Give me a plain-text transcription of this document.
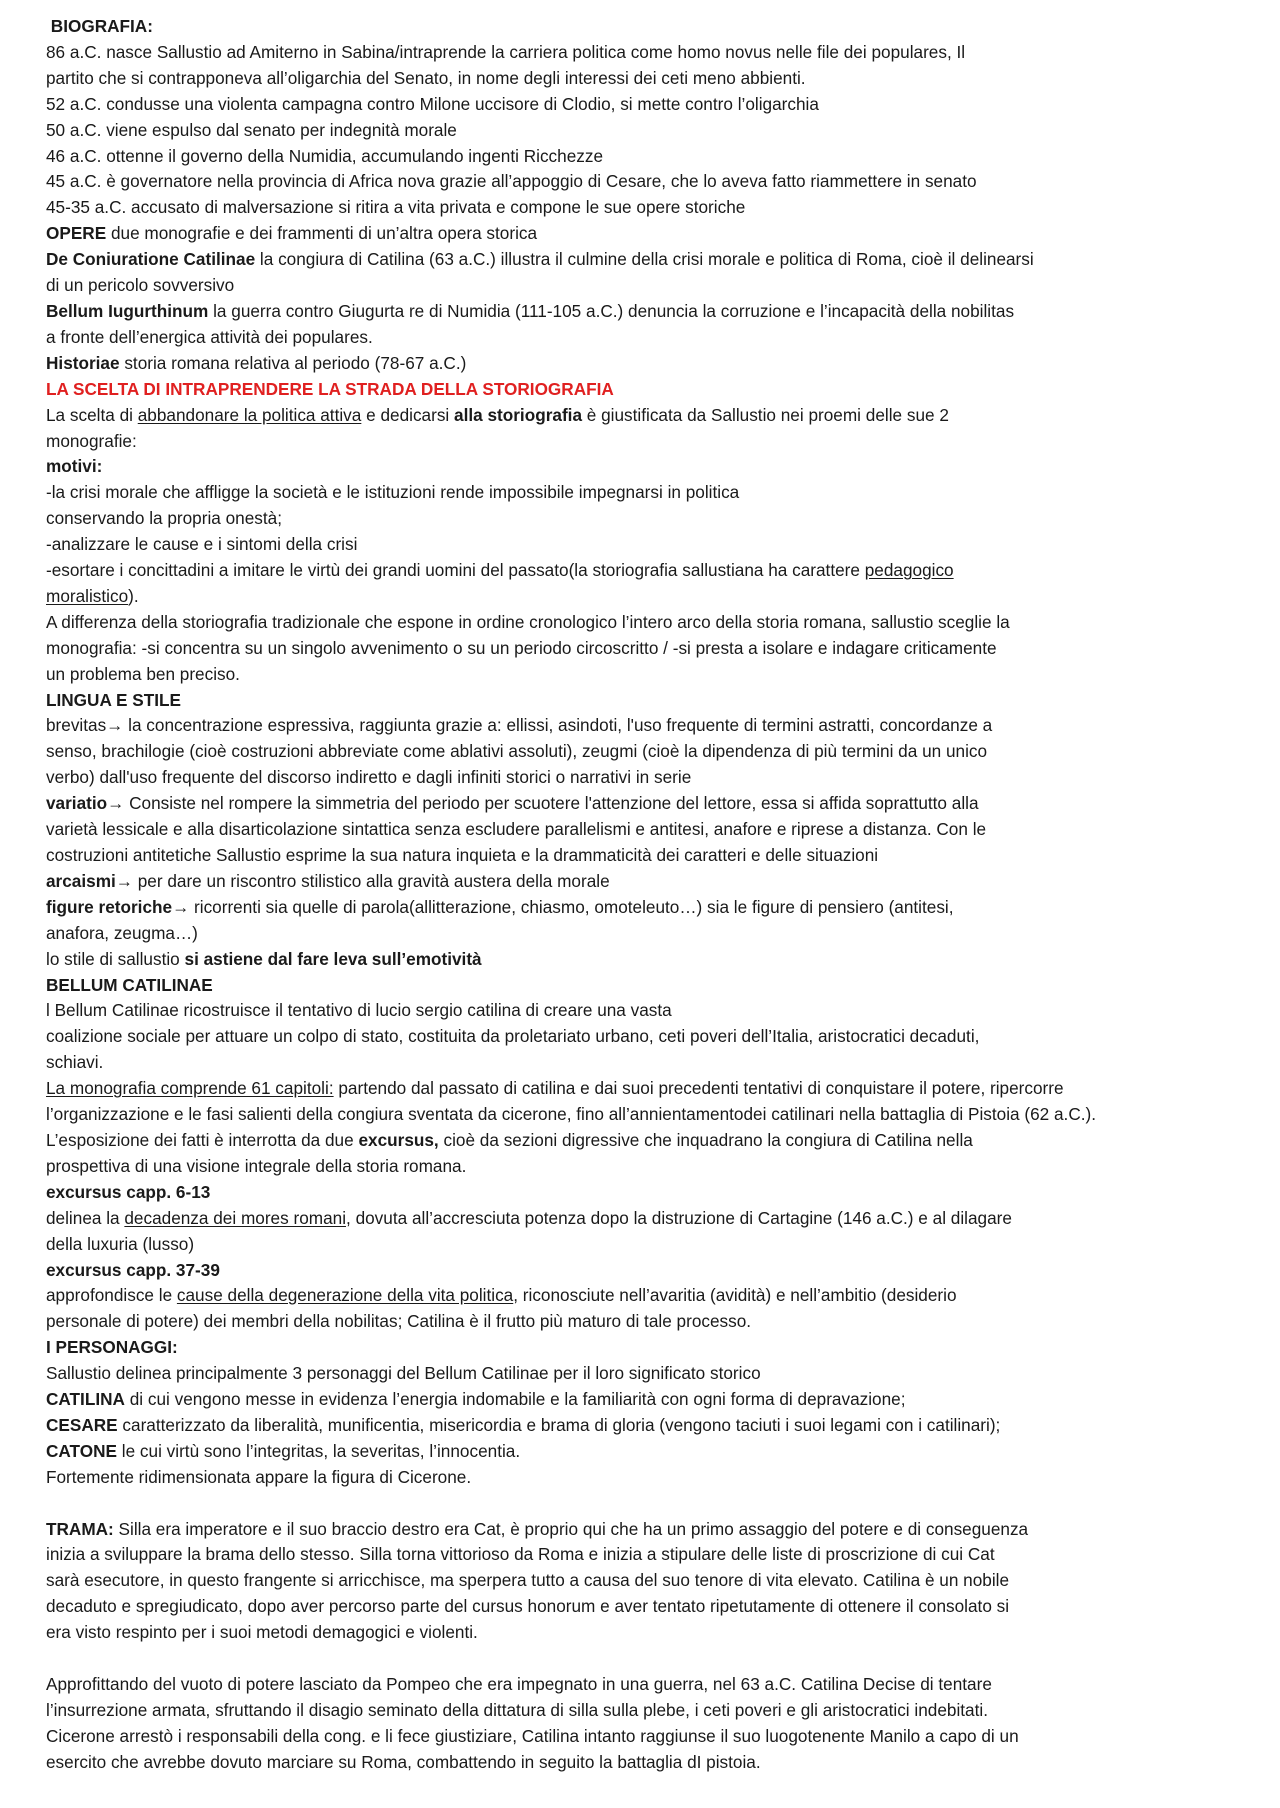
BIOGRAFIA:
86 a.C. nasce Sallustio ad Amiterno in Sabina/intraprende la carriera politica come homo novus nelle file dei populares, Il
partito che si contrapponeva all’oligarchia del Senato, in nome degli interessi dei ceti meno abbienti.
52 a.C. condusse una violenta campagna contro Milone uccisore di Clodio, si mette contro l’oligarchia
50 a.C. viene espulso dal senato per indegnità morale
46 a.C. ottenne il governo della Numidia, accumulando ingenti Ricchezze
45 a.C. è governatore nella provincia di Africa nova grazie all’appoggio di Cesare, che lo aveva fatto riammettere in senato
45-35 a.C. accusato di malversazione si ritira a vita privata e compone le sue opere storiche
OPERE due monografie e dei frammenti di un’altra opera storica
De Coniurationе Catilinae la congiura di Catilina (63 a.C.) illustra il culmine della crisi morale e politica di Roma, cioè il delinearsi
di un pericolo sovversivo
Bellum Iugurthinum la guerra contro Giugurta re di Numidia (111-105 a.C.) denuncia la corruzione e l’incapacità della nobilitas
a fronte dell’energica attività dei populares.
Historiae storia romana relativa al periodo (78-67 a.C.)
LA SCELTA DI INTRAPRENDERE LA STRADA DELLA STORIOGRAFIA
La scelta di abbandonare la politica attiva e dedicarsi alla storiografia è giustificata da Sallustio nei proemi delle sue 2
monografie:
motivi:
-la crisi morale che affligge la società e le istituzioni rende impossibile impegnarsi in politica
conservando la propria onestà;
-analizzare le cause e i sintomi della crisi
-esortare i concittadini a imitare le virtù dei grandi uomini del passato(la storiografia sallustiana ha carattere pedagogico
moralistico).
A differenza della storiografia tradizionale che espone in ordine cronologico l’intero arco della storia romana, sallustio sceglie la
monografia: -si concentra su un singolo avvenimento o su un periodo circoscritto / -si presta a isolare e indagare criticamente
un problema ben preciso.
LINGUA E STILE
brevitas→ la concentrazione espressiva, raggiunta grazie a: ellissi, asindoti, l'uso frequente di termini astratti, concordanze a
senso, brachilogie (cioè costruzioni abbreviate come ablativi assoluti), zeugmi (cioè la dipendenza di più termini da un unico
verbo) dall'uso frequente del discorso indiretto e dagli infiniti storici o narrativi in serie
variatio→ Consiste nel rompere la simmetria del periodo per scuotere l'attenzione del lettore, essa si affida soprattutto alla
varietà lessicale e alla disarticolazione sintattica senza escludere parallelismi e antitesi, anafore e riprese a distanza. Con le
costruzioni antitetiche Sallustio esprime la sua natura inquieta e la drammaticità dei caratteri e delle situazioni
arcaismi→ per dare un riscontro stilistico alla gravità austera della morale
figure retoriche→ ricorrenti sia quelle di parola(allitterazione, chiasmo, omoteleuto…) sia le figure di pensiero (antitesi,
anafora, zeugma…)
lo stile di sallustio si astiene dal fare leva sull’emotività
BELLUM CATILINAE
l Bellum Catilinae ricostruisce il tentativo di lucio sergio catilina di creare una vasta
coalizione sociale per attuare un colpo di stato, costituita da proletariato urbano, ceti poveri dell’Italia, aristocratici decaduti,
schiavi.
La monografia comprende 61 capitoli: partendo dal passato di catilina e dai suoi precedenti tentativi di conquistare il potere, ripercorre
l’organizzazione e le fasi salienti della congiura sventata da cicerone, fino all’annientamentodei catilinari nella battaglia di Pistoia (62 a.C.).
L’esposizione dei fatti è interrotta da due excursus, cioè da sezioni digressive che inquadrano la congiura di Catilina nella
prospettiva di una visione integrale della storia romana.
excursus capp. 6-13
delinea la decadenza dei mores romani, dovuta all’accresciuta potenza dopo la distruzione di Cartagine (146 a.C.) e al dilagare
della luxuria (lusso)
excursus capp. 37-39
approfondisce le cause della degenerazione della vita politica, riconosciute nell’avaritia (avidità) e nell’ambitio (desiderio
personale di potere) dei membri della nobilitas; Catilina è il frutto più maturo di tale processo.
I PERSONAGGI:
Sallustio delinea principalmente 3 personaggi del Bellum Catilinae per il loro significato storico
CATILINA di cui vengono messe in evidenza l’energia indomabile e la familiarità con ogni forma di depravazione;
CESARE caratterizzato da liberalità, munificentia, misericordia e brama di gloria (vengono taciuti i suoi legami con i catilinari);
CATONE le cui virtù sono l’integritas, la severitas, l’innocentia.
Fortemente ridimensionata appare la figura di Cicerone.
TRAMA: Silla era imperatore e il suo braccio destro era Cat, è proprio qui che ha un primo assaggio del potere e di conseguenza
inizia a sviluppare la brama dello stesso. Silla torna vittorioso da Roma e inizia a stipulare delle liste di proscrizione di cui Cat
sarà esecutore, in questo frangente si arricchisce, ma sperpera tutto a causa del suo tenore di vita elevato. Catilina è un nobile
decaduto e spregiudicato, dopo aver percorso parte del cursus honorum e aver tentato ripetutamente di ottenere il consolato si
era visto respinto per i suoi metodi demagogici e violenti.
Approfittando del vuoto di potere lasciato da Pompeo che era impegnato in una guerra, nel 63 a.C. Catilina Decise di tentare
l’insurrezione armata, sfruttando il disagio seminato della dittatura di silla sulla plebe, i ceti poveri e gli aristocratici indebitati.
Cicerone arrestò i responsabili della cong. e li fece giustiziare, Catilina intanto raggiunse il suo luogotenente Manilo a capo di un
esercito che avrebbe dovuto marciare su Roma, combattendo in seguito la battaglia dI pistoia.
